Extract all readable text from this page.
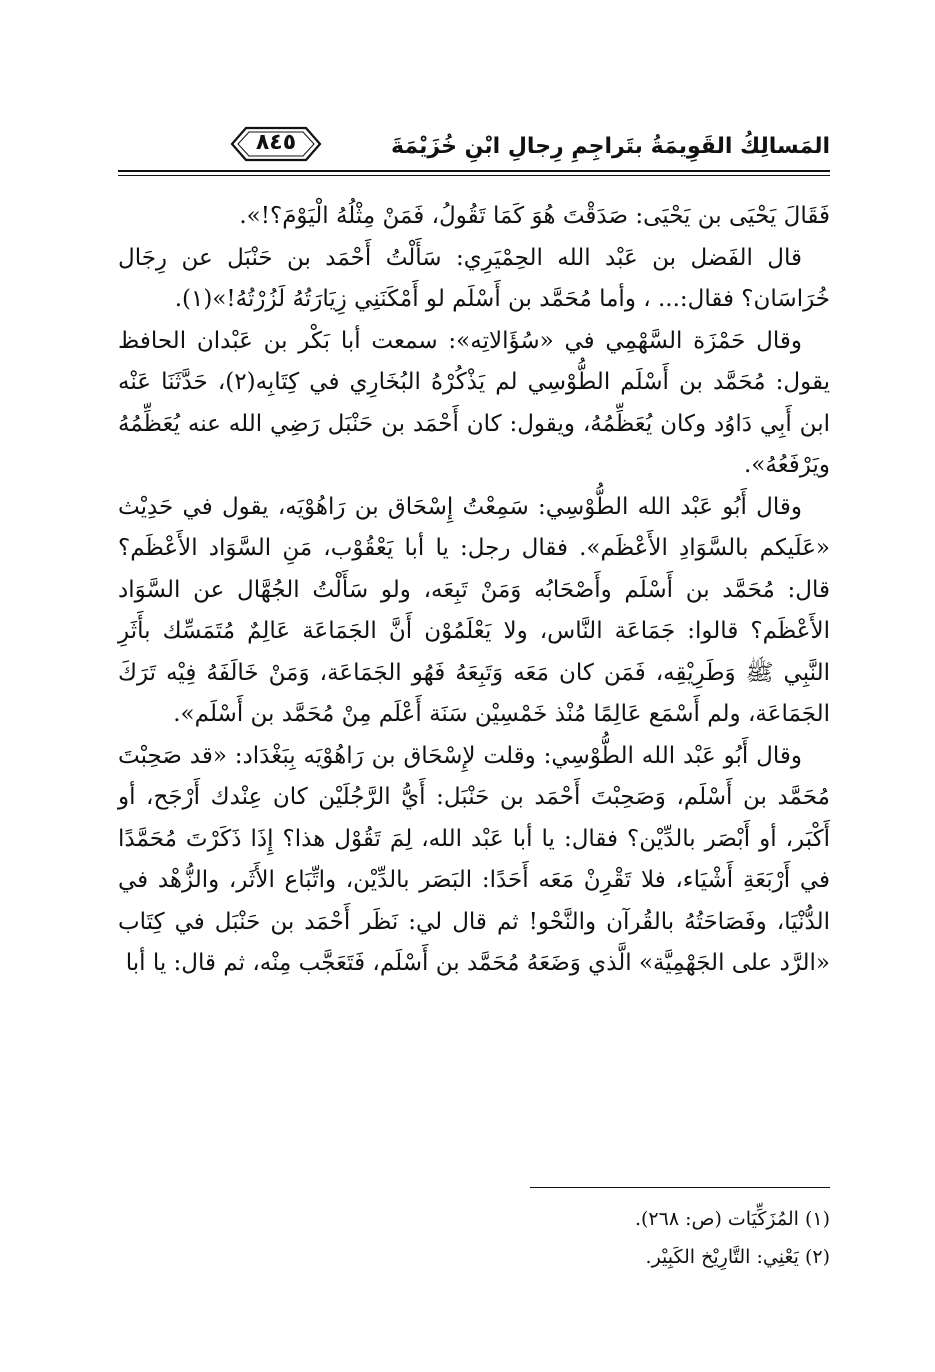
٨٤٥	المَسالِكُ القَوِيمَةُ بتَراجِمِ رِجالِ ابْنِ خُزَيْمَةَ

فَقَالَ يَحْيَى بن يَحْيَى: صَدَقْتَ هُوَ كَمَا تَقُولُ، فَمَنْ مِثْلُهُ الْيَوْمَ؟!».

قال الفَضل بن عَبْد الله الحِمْيَرِي: سَأَلْتُ أَحْمَد بن حَنْبَل عن رِجَال خُرَاسَان؟ فقال:... ، وأما مُحَمَّد بن أَسْلَم لو أَمْكَنَنِي زِيَارَتُهُ لَزُرْتُهُ!»(١).

وقال حَمْزَة السَّهْمِي في «سُؤَالاتِه»: سمعت أبا بَكْر بن عَبْدان الحافظ يقول: مُحَمَّد بن أَسْلَم الطُّوْسِي لم يَذْكُرْهُ البُخَارِي في كِتَابِه(٢)، حَدَّثَنَا عَنْه ابن أَبِي دَاوُد وكان يُعَظِّمُهُ، ويقول: كان أَحْمَد بن حَنْبَل رَضِي الله عنه يُعَظِّمُهُ ويَرْفَعُهُ».

وقال أَبُو عَبْد الله الطُّوْسِي: سَمِعْتُ إِسْحَاق بن رَاهُوْيَه، يقول في حَدِيْث «عَلَيكم بالسَّوَادِ الأَعْظَم». فقال رجل: يا أبا يَعْقُوْب، مَنِ السَّوَاد الأَعْظَم؟ قال: مُحَمَّد بن أَسْلَم وأَصْحَابُه وَمَنْ تَبِعَه، ولو سَأَلْتُ الجُهَّال عن السَّوَاد الأَعْظَم؟ قالوا: جَمَاعَة النَّاس، ولا يَعْلَمُوْن أَنَّ الجَمَاعَة عَالِمٌ مُتَمَسِّك بأَثَرِ النَّبِي ﷺ وَطَرِيْقِه، فَمَن كان مَعَه وَتَبِعَهُ فَهُو الجَمَاعَة، وَمَنْ خَالَفَهُ فِيْه تَرَكَ الجَمَاعَة، ولم أَسْمَع عَالِمًا مُنْذ خَمْسِيْن سَنَة أَعْلَم مِنْ مُحَمَّد بن أَسْلَم».

وقال أَبُو عَبْد الله الطُّوْسِي: وقلت لإِسْحَاق بن رَاهُوْيَه بِبَغْدَاد: «قد صَحِبْتَ مُحَمَّد بن أَسْلَم، وَصَحِبْتَ أَحْمَد بن حَنْبَل: أَيُّ الرَّجُلَيْن كان عِنْدك أَرْجَح، أو أَكْبَر، أو أَبْصَر بالدِّيْن؟ فقال: يا أبا عَبْد الله، لِمَ تَقُوْل هذا؟ إِذَا ذَكَرْتَ مُحَمَّدًا في أَرْبَعَةِ أَشْيَاء، فلا تَقْرِنْ مَعَه أَحَدًا: البَصَر بالدِّيْن، واتِّبَاع الأَثَر، والزُّهْد في الدُّنْيَا، وفَصَاحَتُهُ بالقُرآن والنَّحْو! ثم قال لي: نَظَر أَحْمَد بن حَنْبَل في كِتَاب «الرَّد على الجَهْمِيَّة» الَّذي وَضَعَهُ مُحَمَّد بن أَسْلَم، فَتَعَجَّب مِنْه، ثم قال: يا أبا

(١) المُزَكِّيَات (ص: ٢٦٨).

(٢) يَعْنِي: التَّارِيْخ الكَبِيْر.
